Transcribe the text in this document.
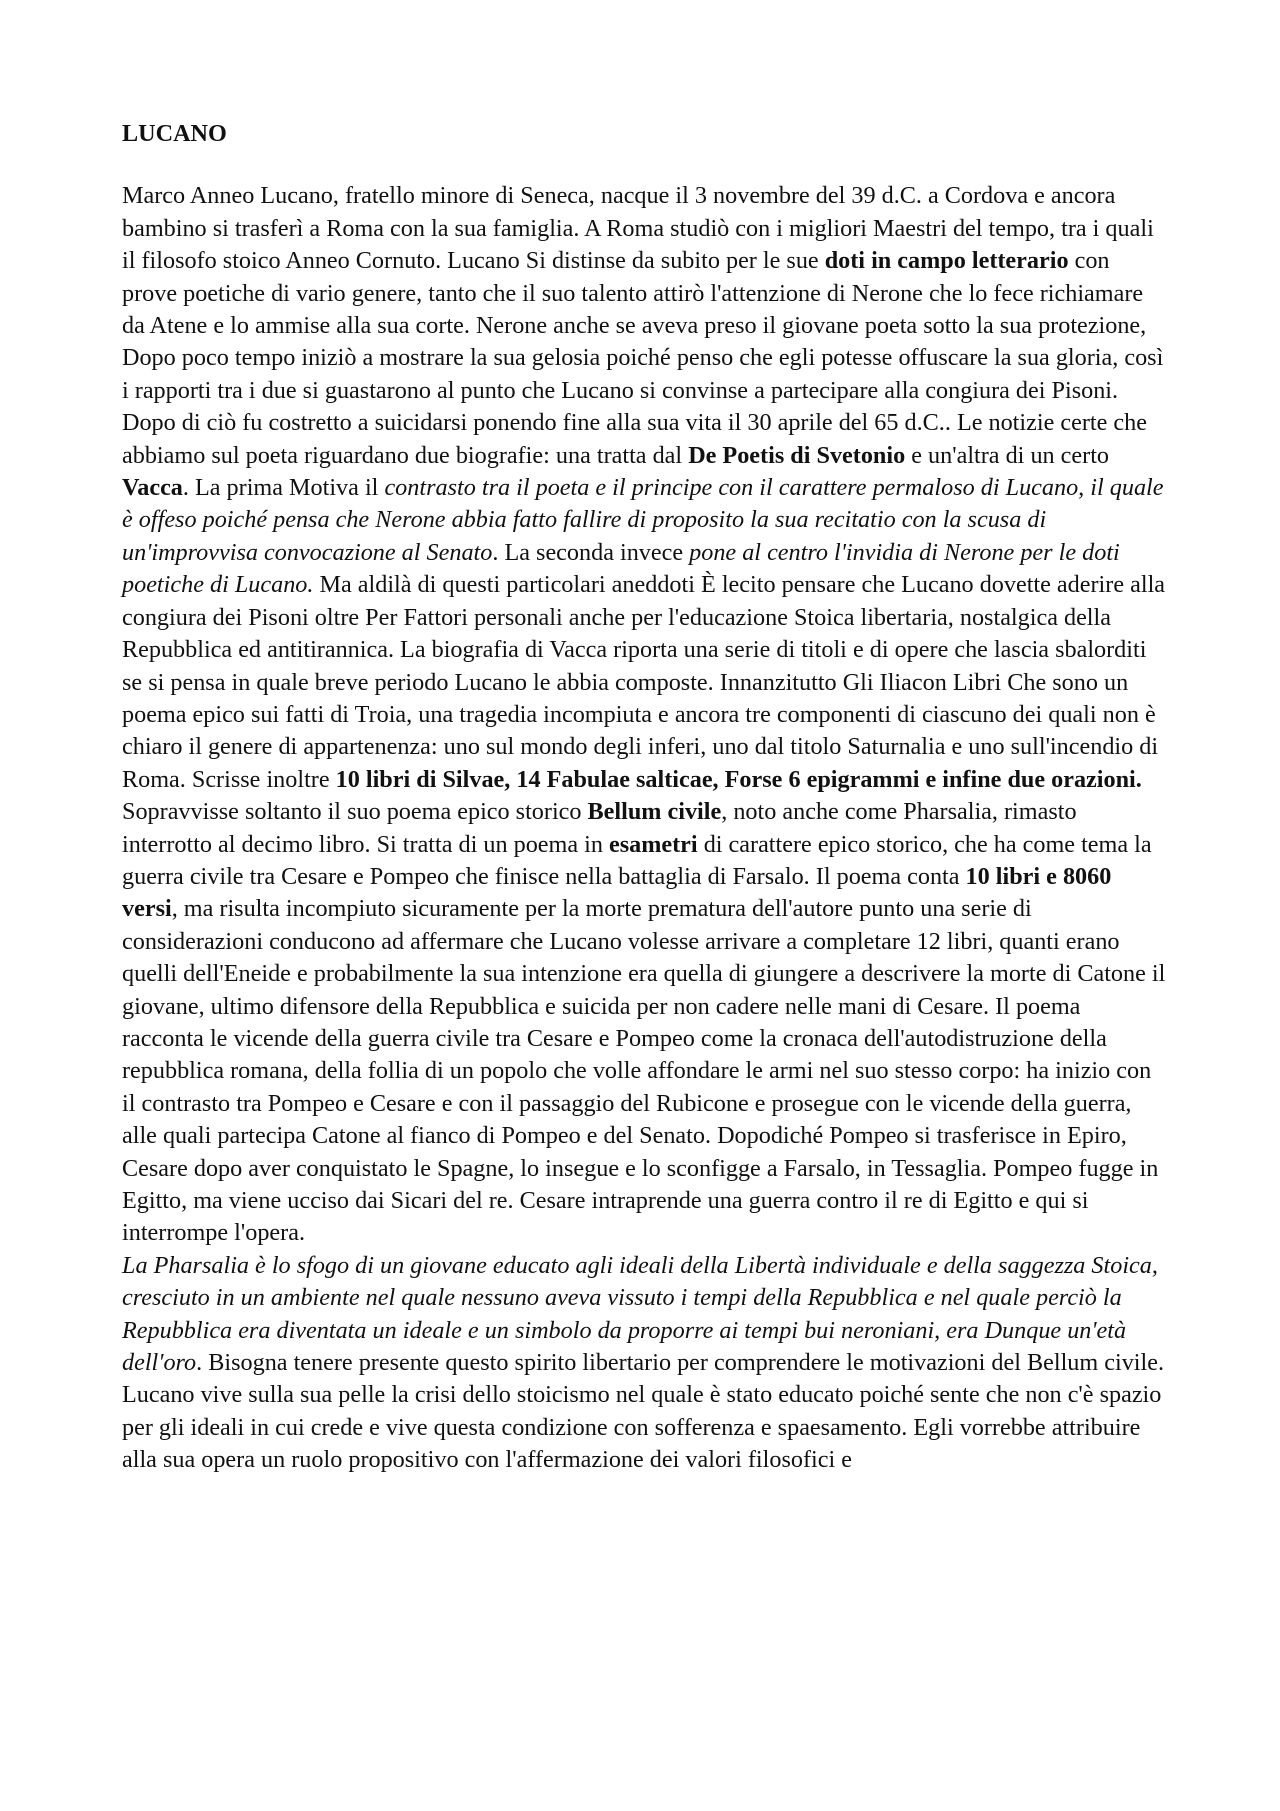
LUCANO
Marco Anneo Lucano, fratello minore di Seneca, nacque il 3 novembre del 39 d.C. a Cordova e ancora bambino si trasferì a Roma con la sua famiglia. A Roma studiò con i migliori Maestri del tempo, tra i quali il filosofo stoico Anneo Cornuto. Lucano Si distinse da subito per le sue doti in campo letterario con prove poetiche di vario genere, tanto che il suo talento attirò l'attenzione di Nerone che lo fece richiamare da Atene e lo ammise alla sua corte. Nerone anche se aveva preso il giovane poeta sotto la sua protezione, Dopo poco tempo iniziò a mostrare la sua gelosia poiché penso che egli potesse offuscare la sua gloria, così i rapporti tra i due si guastarono al punto che Lucano si convinse a partecipare alla congiura dei Pisoni. Dopo di ciò fu costretto a suicidarsi ponendo fine alla sua vita il 30 aprile del 65 d.C.. Le notizie certe che abbiamo sul poeta riguardano due biografie: una tratta dal De Poetis di Svetonio e un'altra di un certo Vacca. La prima Motiva il contrasto tra il poeta e il principe con il carattere permaloso di Lucano, il quale è offeso poiché pensa che Nerone abbia fatto fallire di proposito la sua recitatio con la scusa di un'improvvisa convocazione al Senato. La seconda invece pone al centro l'invidia di Nerone per le doti poetiche di Lucano. Ma aldilà di questi particolari aneddoti È lecito pensare che Lucano dovette aderire alla congiura dei Pisoni oltre Per Fattori personali anche per l'educazione Stoica libertaria, nostalgica della Repubblica ed antitirannica. La biografia di Vacca riporta una serie di titoli e di opere che lascia sbalorditi se si pensa in quale breve periodo Lucano le abbia composte. Innanzitutto Gli Iliacon Libri Che sono un poema epico sui fatti di Troia, una tragedia incompiuta e ancora tre componenti di ciascuno dei quali non è chiaro il genere di appartenenza: uno sul mondo degli inferi, uno dal titolo Saturnalia e uno sull'incendio di Roma. Scrisse inoltre 10 libri di Silvae, 14 Fabulae salticae, Forse 6 epigrammi e infine due orazioni. Sopravvisse soltanto il suo poema epico storico Bellum civile, noto anche come Pharsalia, rimasto interrotto al decimo libro. Si tratta di un poema in esametri di carattere epico storico, che ha come tema la guerra civile tra Cesare e Pompeo che finisce nella battaglia di Farsalo. Il poema conta 10 libri e 8060 versi, ma risulta incompiuto sicuramente per la morte prematura dell'autore punto una serie di considerazioni conducono ad affermare che Lucano volesse arrivare a completare 12 libri, quanti erano quelli dell'Eneide e probabilmente la sua intenzione era quella di giungere a descrivere la morte di Catone il giovane, ultimo difensore della Repubblica e suicida per non cadere nelle mani di Cesare. Il poema racconta le vicende della guerra civile tra Cesare e Pompeo come la cronaca dell'autodistruzione della repubblica romana, della follia di un popolo che volle affondare le armi nel suo stesso corpo: ha inizio con il contrasto tra Pompeo e Cesare e con il passaggio del Rubicone e prosegue con le vicende della guerra, alle quali partecipa Catone al fianco di Pompeo e del Senato. Dopodiché Pompeo si trasferisce in Epiro, Cesare dopo aver conquistato le Spagne, lo insegue e lo sconfigge a Farsalo, in Tessaglia. Pompeo fugge in Egitto, ma viene ucciso dai Sicari del re. Cesare intraprende una guerra contro il re di Egitto e qui si interrompe l'opera.
La Pharsalia è lo sfogo di un giovane educato agli ideali della Libertà individuale e della saggezza Stoica, cresciuto in un ambiente nel quale nessuno aveva vissuto i tempi della Repubblica e nel quale perciò la Repubblica era diventata un ideale e un simbolo da proporre ai tempi bui neroniani, era Dunque un'età dell'oro. Bisogna tenere presente questo spirito libertario per comprendere le motivazioni del Bellum civile. Lucano vive sulla sua pelle la crisi dello stoicismo nel quale è stato educato poiché sente che non c'è spazio per gli ideali in cui crede e vive questa condizione con sofferenza e spaesamento. Egli vorrebbe attribuire alla sua opera un ruolo propositivo con l'affermazione dei valori filosofici e
